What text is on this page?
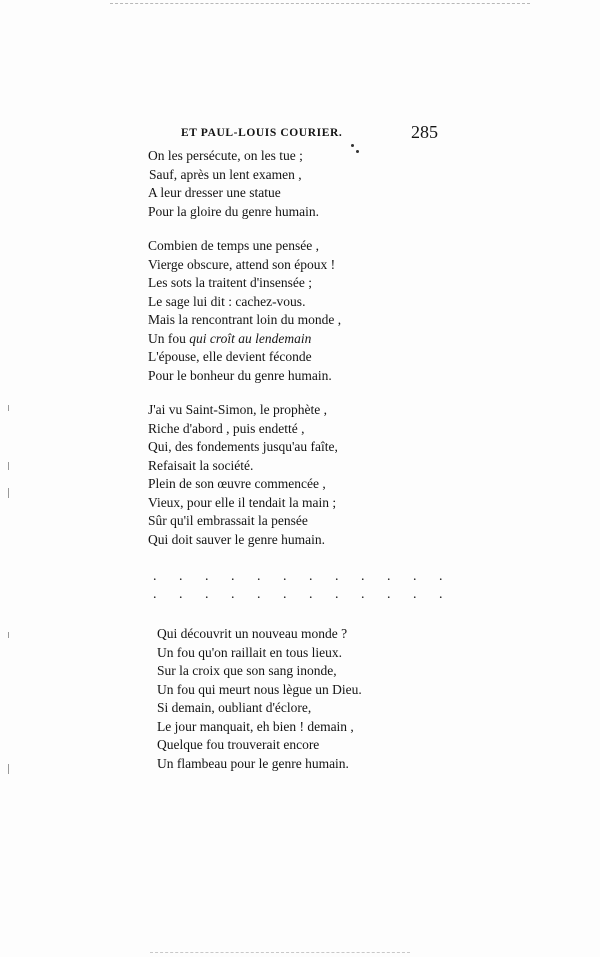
ET PAUL-LOUIS COURIER.	285
On les persécute, on les tue ;
Sauf, après un lent examen ,
A leur dresser une statue
Pour la gloire du genre humain.
Combien de temps une pensée ,
Vierge obscure, attend son époux !
Les sots la traitent d'insensée ;
Le sage lui dit : cachez-vous.
Mais la rencontrant loin du monde ,
Un fou qui croît au lendemain
L'épouse, elle devient féconde
Pour le bonheur du genre humain.
J'ai vu Saint-Simon, le prophète ,
Riche d'abord , puis endetté ,
Qui, des fondements jusqu'au faîte,
Refaisait la société.
Plein de son œuvre commencée ,
Vieux, pour elle il tendait la main ;
Sûr qu'il embrassait la pensée
Qui doit sauver le genre humain.
. . . . . . . . . . . .
. . . . . . . . . . . .
Qui découvrit un nouveau monde ?
Un fou qu'on raillait en tous lieux.
Sur la croix que son sang inonde,
Un fou qui meurt nous lègue un Dieu.
Si demain, oubliant d'éclore,
Le jour manquait, eh bien ! demain ,
Quelque fou trouverait encore
Un flambeau pour le genre humain.
